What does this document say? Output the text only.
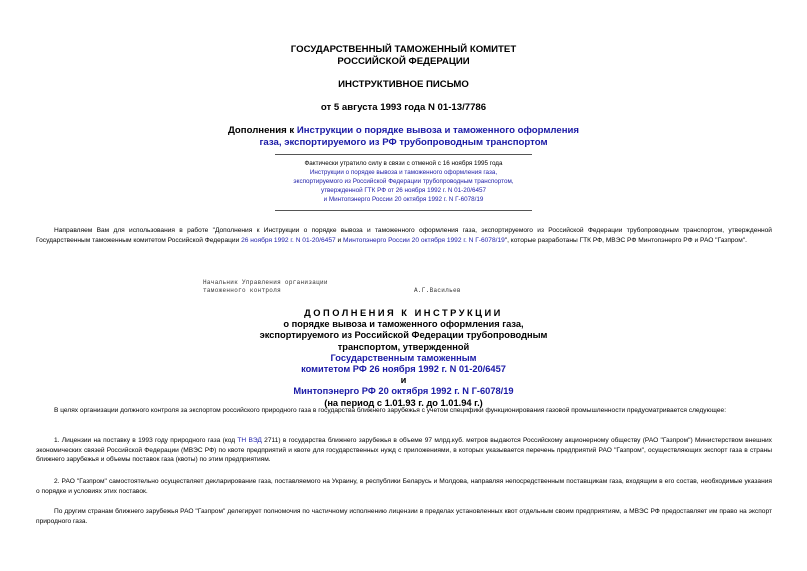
ГОСУДАРСТВЕННЫЙ ТАМОЖЕННЫЙ КОМИТЕТ
РОССИЙСКОЙ ФЕДЕРАЦИИ
ИНСТРУКТИВНОЕ ПИСЬМО
от 5 августа 1993 года N 01-13/7786
Дополнения к Инструкции о порядке вывоза и таможенного оформления
газа, экспортируемого из РФ трубопроводным транспортом
Фактически утратило силу в связи с отменой с 16 ноября 1995 года
Инструкции о порядке вывоза и таможенного оформления газа,
экспортируемого из Российской Федерации трубопроводным транспортом,
утвержденной ГТК РФ от 26 ноября 1992 г. N 01-20/6457
и Минтопэнерго России 20 октября 1992 г. N Г-6078/19
Направляем Вам для использования в работе "Дополнения к Инструкции о порядке вывоза и таможенного оформления газа, экспортируемого из Российской Федерации трубопроводным транспортом, утвержденной Государственным таможенным комитетом Российской Федерации 26 ноября 1992 г. N 01-20/6457 и Минтопэнерго России 20 октября 1992 г. N Г-6078/19", которые разработаны ГТК РФ, МВЭС РФ Минтопэнерго РФ и РАО "Газпром".
Начальник Управления организации
таможенного контроля	А.Г.Васильев
ДОПОЛНЕНИЯ К ИНСТРУКЦИИ
о порядке вывоза и таможенного оформления газа,
экспортируемого из Российской Федерации трубопроводным
транспортом, утвержденной
Государственным таможенным
комитетом РФ 26 ноября 1992 г. N 01-20/6457
и
Минтопэнерго РФ 20 октября 1992 г. N Г-6078/19
(на период с 1.01.93 г. до 1.01.94 г.)
В целях организации должного контроля за экспортом российского природного газа в государства ближнего зарубежья с учетом специфики функционирования газовой промышленности предусматривается следующее:
1. Лицензии на поставку в 1993 году природного газа (код ТН ВЭД 2711) в государства ближнего зарубежья в объеме 97 млрд.куб. метров выдаются Российскому акционерному обществу (РАО "Газпром") Министерством внешних экономических связей Российской Федерации (МВЭС РФ) по квоте предприятий и квоте для государственных нужд с приложениями, в которых указывается перечень предприятий РАО "Газпром", осуществляющих экспорт газа в страны ближнего зарубежья и объемы поставок газа (квоты) по этим предприятиям.
2. РАО "Газпром" самостоятельно осуществляет декларирование газа, поставляемого на Украину, в республики Беларусь и Молдова, направляя непосредственным поставщикам газа, входящим в его состав, необходимые указания о порядке и условиях этих поставок.
По другим странам ближнего зарубежья РАО "Газпром" делегирует полномочия по частичному исполнению лицензии в пределах установленных квот отдельным своим предприятиям, а МВЭС РФ предоставляет им право на экспорт природного газа.
